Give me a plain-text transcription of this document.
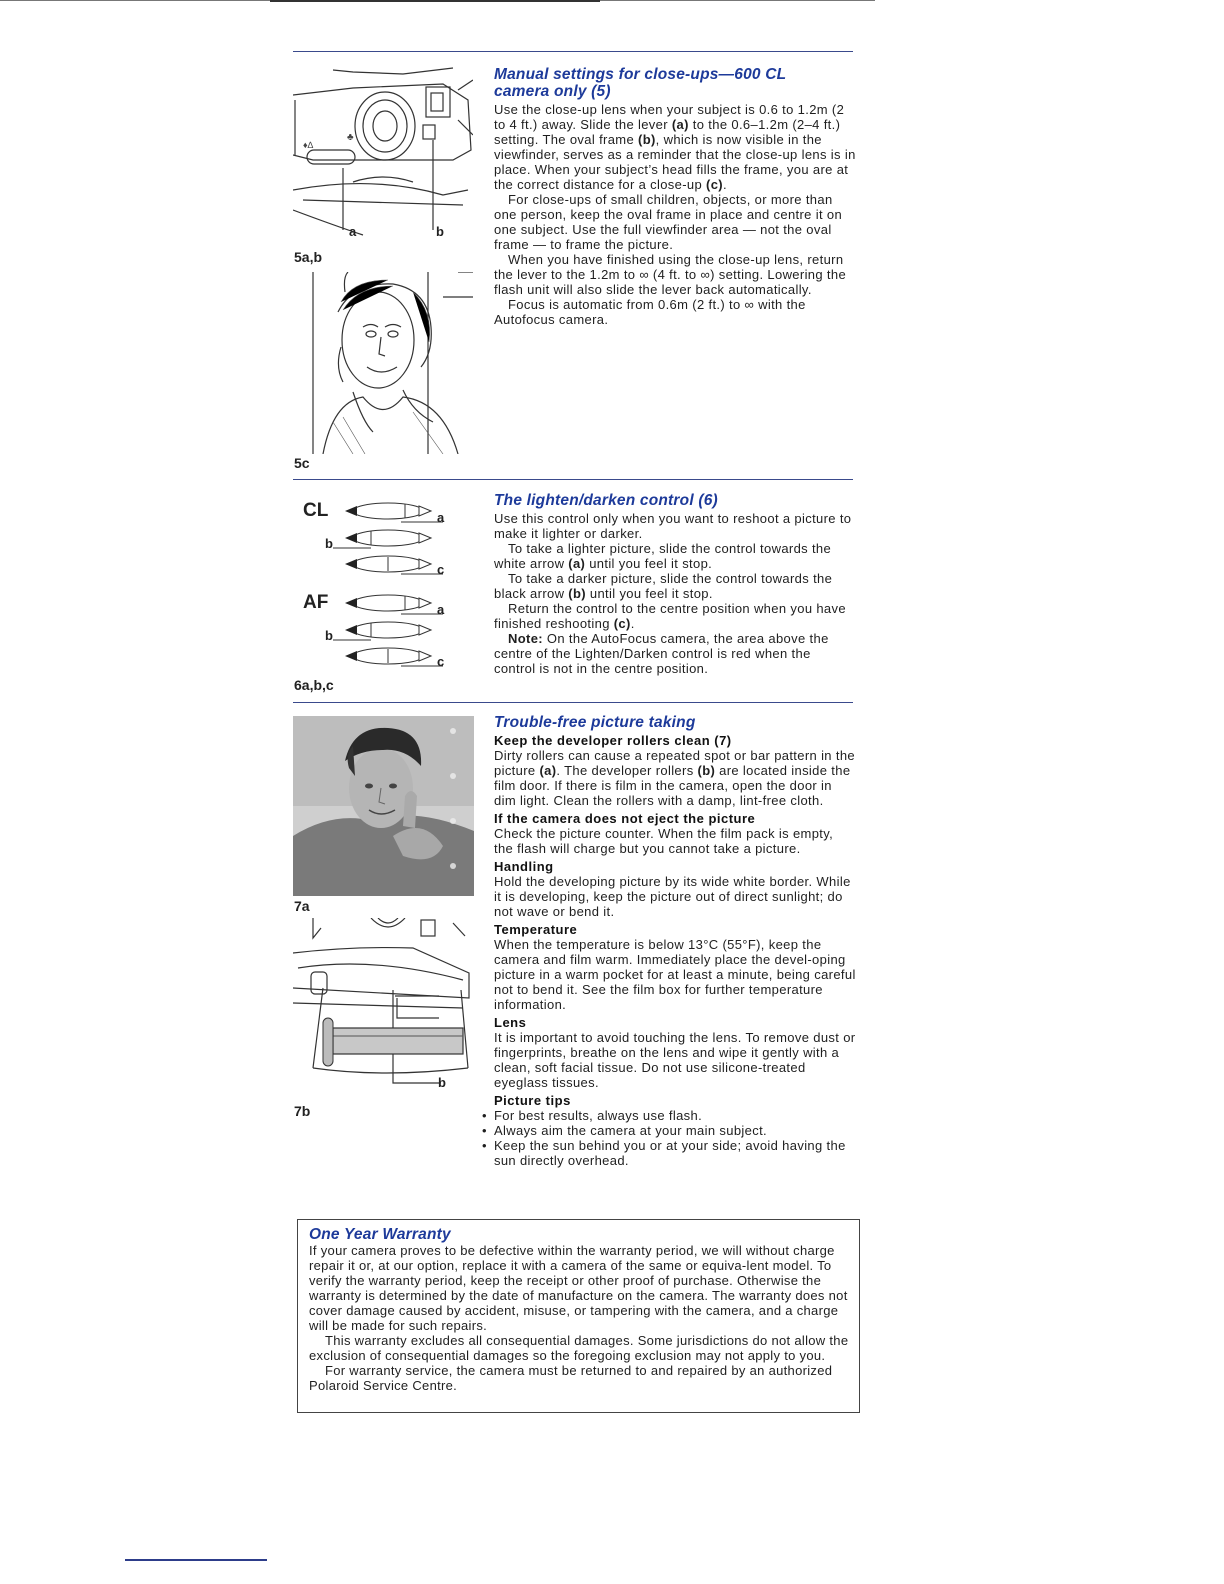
♦∆
♣
a	b
5a,b
5c
Manual settings for close-ups—600 CL
camera only (5)

Use the close-up lens when your subject is 0.6 to 1.2m (2 to 4 ft.) away. Slide the lever (a) to the 0.6–1.2m (2–4 ft.) setting. The oval frame (b), which is now visible in the viewfinder, serves as a reminder that the close-up lens is in place. When your subject’s head fills the frame, you are at the correct distance for a close-up (c).

For close-ups of small children, objects, or more than one person, keep the oval frame in place and centre it on one subject. Use the full viewfinder area — not the oval frame — to frame the picture.

When you have finished using the close-up lens, return the lever to the 1.2m to ∞ (4 ft. to ∞) setting. Lowering the flash unit will also slide the lever back automatically.

Focus is automatic from 0.6m (2 ft.) to ∞ with the Autofocus camera.

CL
AF
a
b
c
a
b
c
6a,b,c
The lighten/darken control (6)

Use this control only when you want to reshoot a picture to make it lighter or darker.

To take a lighter picture, slide the control towards the white arrow (a) until you feel it stop.

To take a darker picture, slide the control towards the black arrow (b) until you feel it stop.

Return the control to the centre position when you have finished reshooting (c).

Note: On the AutoFocus camera, the area above the centre of the Lighten/Darken control is red when the control is not in the centre position.

7a
b
7b
Trouble-free picture taking

Keep the developer rollers clean (7)

Dirty rollers can cause a repeated spot or bar pattern in the picture (a). The developer rollers (b) are located inside the film door. If there is film in the camera, open the door in dim light. Clean the rollers with a damp, lint-free cloth.

If the camera does not eject the picture

Check the picture counter. When the film pack is empty, the flash will charge but you cannot take a picture.

Handling

Hold the developing picture by its wide white border. While it is developing, keep the picture out of direct sunlight; do not wave or bend it.

Temperature

When the temperature is below 13°C (55°F), keep the camera and film warm. Immediately place the devel-oping picture in a warm pocket for at least a minute, being careful not to bend it. See the film box for further temperature information.

Lens

It is important to avoid touching the lens. To remove dust or fingerprints, breathe on the lens and wipe it gently with a clean, soft facial tissue. Do not use silicone-treated eyeglass tissues.

Picture tips

• For best results, always use flash.
• Always aim the camera at your main subject.
• Keep the sun behind you or at your side; avoid having the sun directly overhead.
One Year Warranty

If your camera proves to be defective within the warranty period, we will without charge repair it or, at our option, replace it with a camera of the same or equiva-lent model. To verify the warranty period, keep the receipt or other proof of purchase. Otherwise the warranty is determined by the date of manufacture on the camera. The warranty does not cover damage caused by accident, misuse, or tampering with the camera, and a charge will be made for such repairs.

This warranty excludes all consequential damages. Some jurisdictions do not allow the exclusion of consequential damages so the foregoing exclusion may not apply to you.

For warranty service, the camera must be returned to and repaired by an authorized Polaroid Service Centre.
